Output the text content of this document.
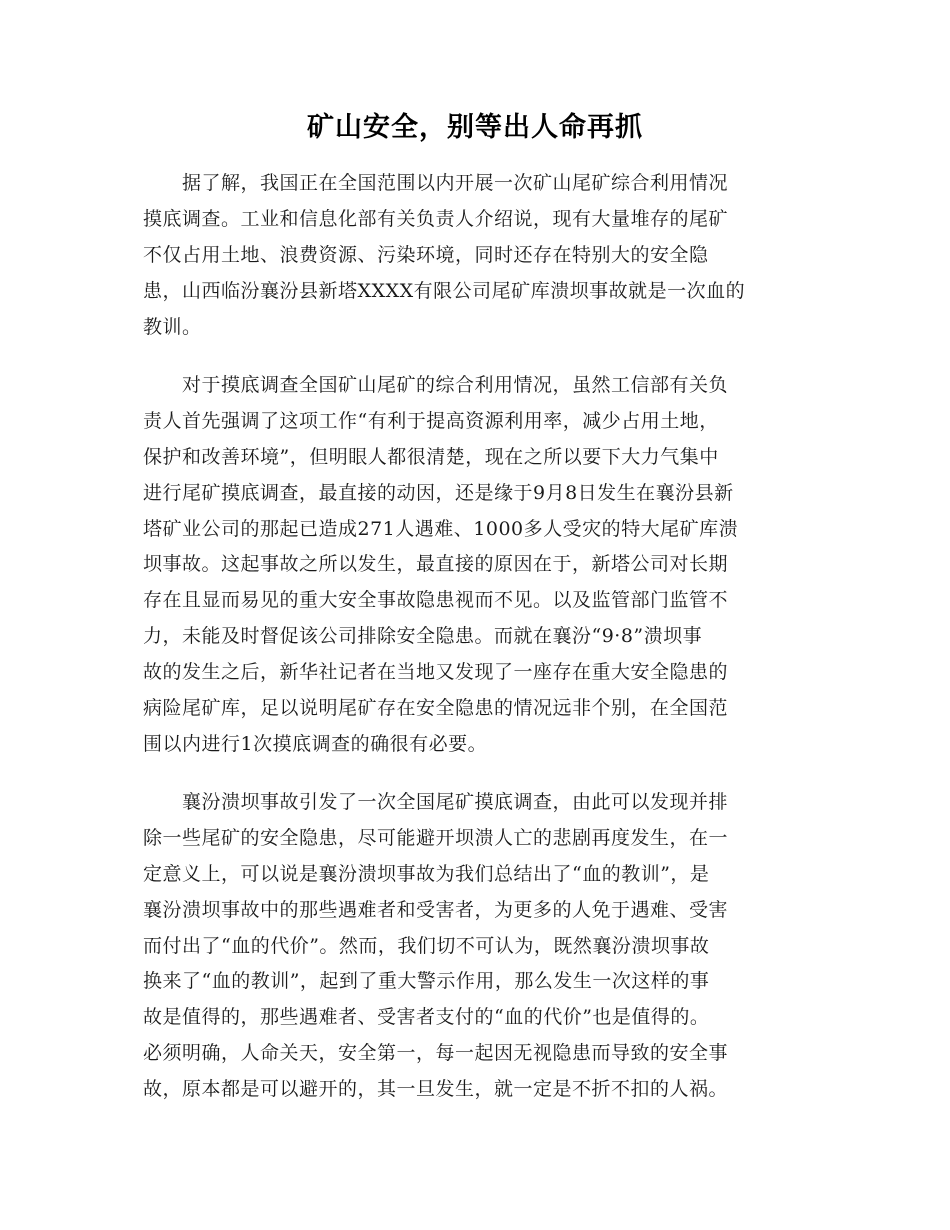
矿山安全，别等出人命再抓
　　据了解，我国正在全国范围以内开展一次矿山尾矿综合利用情况
摸底调查。工业和信息化部有关负责人介绍说，现有大量堆存的尾矿
不仅占用土地、浪费资源、污染环境，同时还存在特别大的安全隐
患，山西临汾襄汾县新塔XXXX有限公司尾矿库溃坝事故就是一次血的
教训。
　　对于摸底调查全国矿山尾矿的综合利用情况，虽然工信部有关负
责人首先强调了这项工作“有利于提高资源利用率，减少占用土地，
保护和改善环境”，但明眼人都很清楚，现在之所以要下大力气集中
进行尾矿摸底调查，最直接的动因，还是缘于9月8日发生在襄汾县新
塔矿业公司的那起已造成271人遇难、1000多人受灾的特大尾矿库溃
坝事故。这起事故之所以发生，最直接的原因在于，新塔公司对长期
存在且显而易见的重大安全事故隐患视而不见。以及监管部门监管不
力，未能及时督促该公司排除安全隐患。而就在襄汾“9·8”溃坝事
故的发生之后，新华社记者在当地又发现了一座存在重大安全隐患的
病险尾矿库，足以说明尾矿存在安全隐患的情况远非个别，在全国范
围以内进行1次摸底调查的确很有必要。
　　襄汾溃坝事故引发了一次全国尾矿摸底调查，由此可以发现并排
除一些尾矿的安全隐患，尽可能避开坝溃人亡的悲剧再度发生，在一
定意义上，可以说是襄汾溃坝事故为我们总结出了“血的教训”，是
襄汾溃坝事故中的那些遇难者和受害者，为更多的人免于遇难、受害
而付出了“血的代价”。然而，我们切不可认为，既然襄汾溃坝事故
换来了“血的教训”，起到了重大警示作用，那么发生一次这样的事
故是值得的，那些遇难者、受害者支付的“血的代价”也是值得的。
必须明确，人命关天，安全第一，每一起因无视隐患而导致的安全事
故，原本都是可以避开的，其一旦发生，就一定是不折不扣的人祸。
